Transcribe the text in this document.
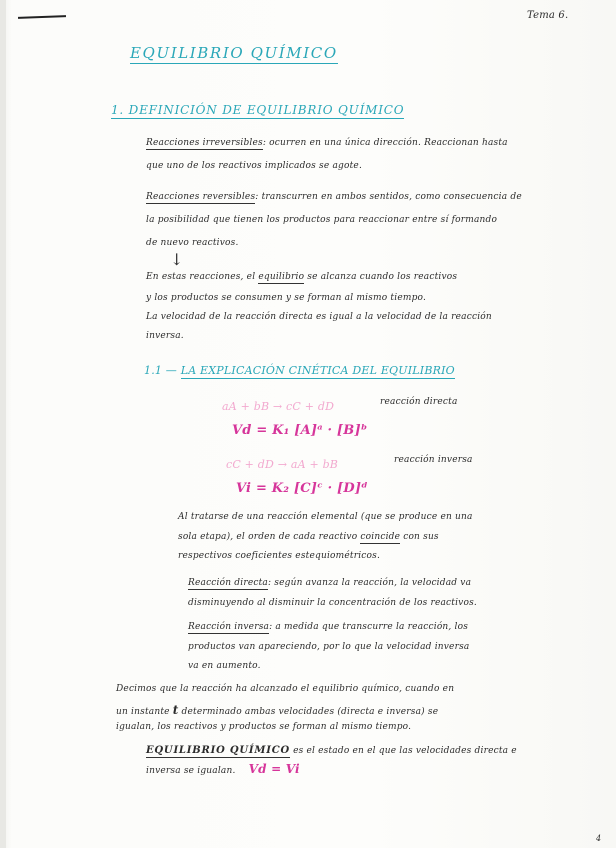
Tema 6.
EQUILIBRIO QUÍMICO
1. DEFINICIÓN DE EQUILIBRIO QUÍMICO
Reacciones irreversibles: ocurren en una única dirección. Reaccionan hasta
que uno de los reactivos implicados se agote.
Reacciones reversibles: transcurren en ambos sentidos, como consecuencia de
la posibilidad que tienen los productos para reaccionar entre sí formando
de nuevo reactivos.
↓
En estas reacciones, el equilibrio se alcanza cuando los reactivos
y los productos se consumen y se forman al mismo tiempo.
La velocidad de la reacción directa es igual a la velocidad de la reacción
inversa.
1.1 — LA EXPLICACIÓN CINÉTICA DEL EQUILIBRIO
aA + bB → cC + dD	reacción directa
Vd = K₁ [A]ᵃ · [B]ᵇ
cC + dD → aA + bB	reacción inversa
Vi = K₂ [C]ᶜ · [D]ᵈ
Al tratarse de una reacción elemental (que se produce en una
sola etapa), el orden de cada reactivo coincide con sus
respectivos coeficientes estequiométricos.
Reacción directa: según avanza la reacción, la velocidad va
disminuyendo al disminuir la concentración de los reactivos.
Reacción inversa: a medida que transcurre la reacción, los
productos van apareciendo, por lo que la velocidad inversa
va en aumento.
Decimos que la reacción ha alcanzado el equilibrio químico, cuando en
un instante t determinado ambas velocidades (directa e inversa) se
igualan, los reactivos y productos se forman al mismo tiempo.
EQUILIBRIO QUÍMICO es el estado en el que las velocidades directa e
inversa se igualan. Vd = Vi
4
